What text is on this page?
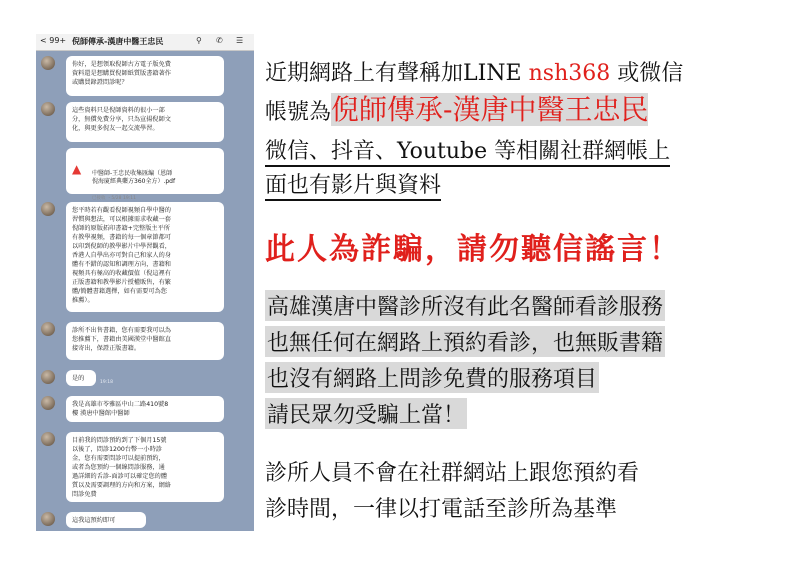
< 99+ 倪師傳承-漢唐中醫王忠民	⚲ ✆ ☰
你好，是想領取倪師古方電子版免費
資料還是想購買倪師紙質版書籍著作
或購買錄證問診呢？
這些資料只是倪師資料的很小一部
分，無償免費分享，只為宣揚倪師文
化，與更多倪友一起交流學習。

▲	中醫師-王忠民收集匯編（恩師
倪海廈經典藥方360全方）.pdf

已接收 ・5/28 19:11

您平時若有觀看倪師視頻自學中醫的
習慣與想法，可以根據需求收藏一套
倪師的原版拓印書籍+完整版主平所
有教學視頻，書籍的每一個章節都可
以印到倪師的教學影片中學習觀看，
香港人自學出亦可對自己和家人的身
體有不錯的認知和調理方向，書籍和
視頻具有極高的收藏價值（倪這裡有
正版書籍和教學影片授權販售，有繁
體/簡體書籍選擇，如有需要可為您
推薦）。
診所不出售書籍，您有需要我可以為
您推薦下，書籍由美國漢堂中醫館直
接寄出，保證正版書籍。
是的
19:18
我是高雄市苓雅區中山二路410號8
樓 漢唐中醫館中醫師
目前我的問診預約到了下個月15號
以後了，問診1200台幣一小時診
金，您有需要問診可以提前預約，
或者為您預約一個線問診服務，通
過詳細的舌診-面診可以確定您的體
質以及需要調理的方向和方案，網絡
問診免費
這我這預約即可
近期網路上有聲稱加LINE nsh368 或微信
帳號為倪師傳承-漢唐中醫王忠民
微信、抖音、Youtube 等相關社群網帳上
面也有影片與資料
此人為詐騙，請勿聽信謠言！
高雄漢唐中醫診所沒有此名醫師看診服務
也無任何在網路上預約看診，也無販書籍
也沒有網路上問診免費的服務項目
請民眾勿受騙上當！
診所人員不會在社群網站上跟您預約看
診時間，一律以打電話至診所為基準
